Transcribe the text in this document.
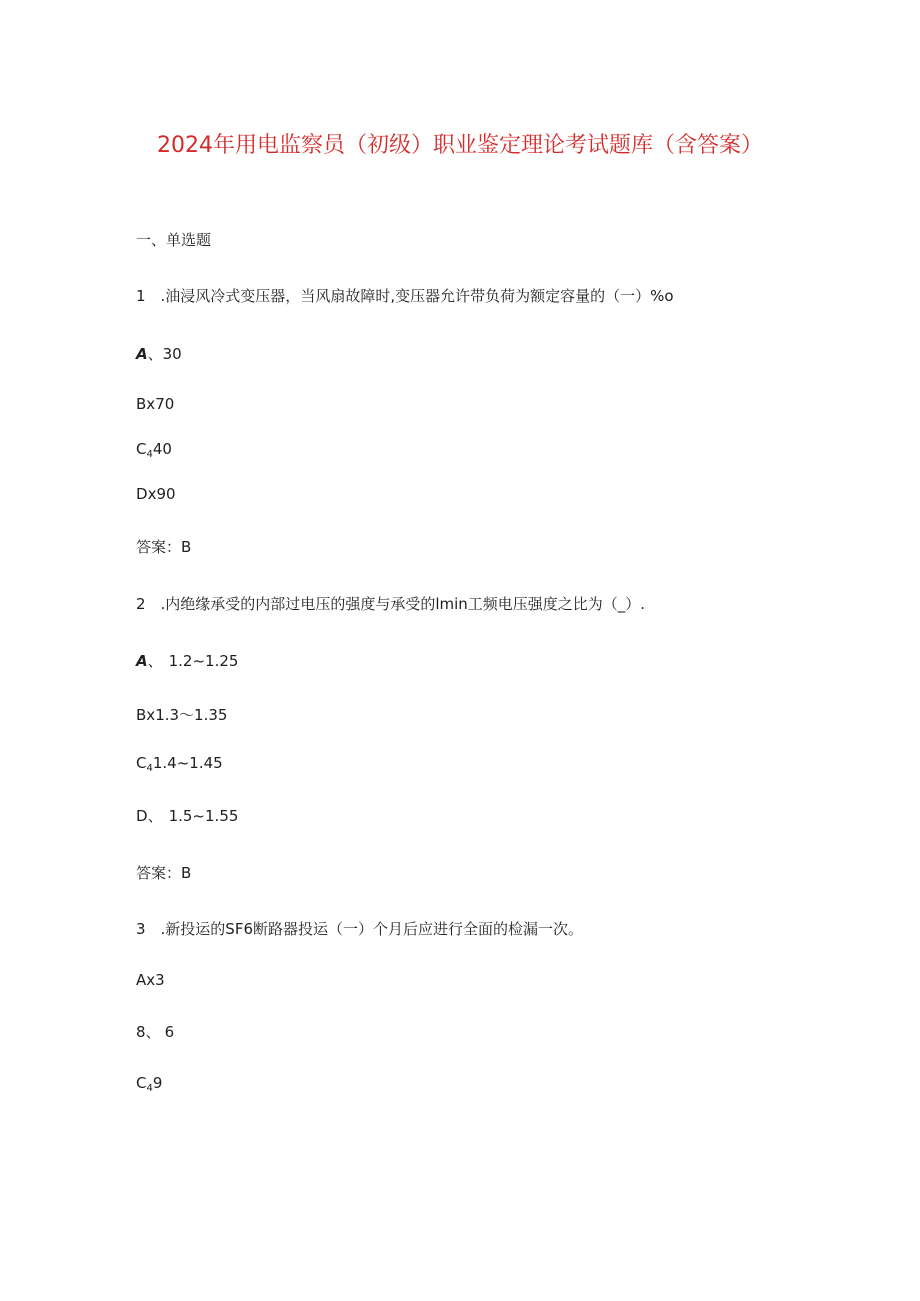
2024年用电监察员（初级）职业鉴定理论考试题库（含答案）
一、单选题
1　.油浸风冷式变压器，当风扇故障时,变压器允许带负荷为额定容量的（一）%o
A、30
Bx70
$C_440$
Dx90
答案：B
2　.内绝缘承受的内部过电压的强度与承受的lmin工频电压强度之比为（_）.
A、 1.2~1.25
Bx1.3～1.35
$C_41.4\sim 1.45$
D、 1.5~1.55
答案：B
3　.新投运的SF6断路器投运（一）个月后应进行全面的检漏一次。
Ax3
8、 6
$C_49$
